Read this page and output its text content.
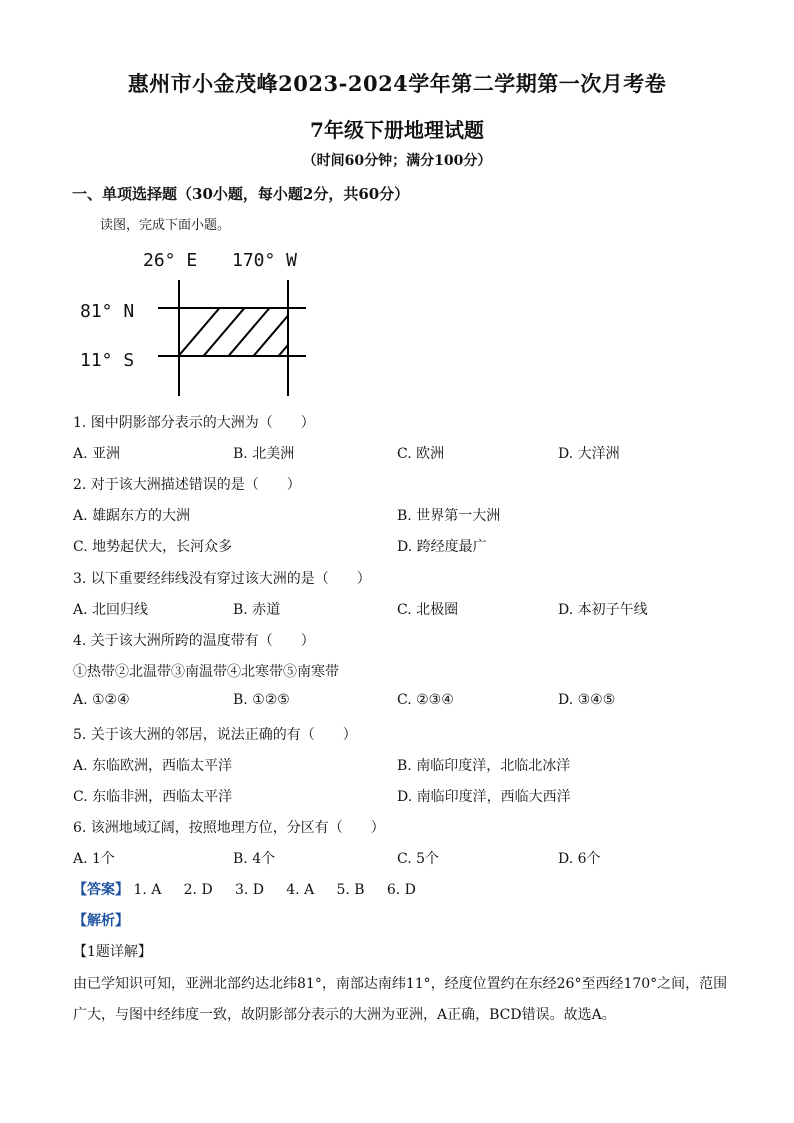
惠州市小金茂峰2023-2024学年第二学期第一次月考卷
7年级下册地理试题
（时间60分钟；满分100分）
一、单项选择题（30小题，每小题2分，共60分）
读图，完成下面小题。
26° E 170° W
81° N
11° S
1. 图中阴影部分表示的大洲为（　　）
A. 亚洲	B. 北美洲	C. 欧洲	D. 大洋洲
2. 对于该大洲描述错误的是（　　）
A. 雄踞东方的大洲	B. 世界第一大洲
C. 地势起伏大，长河众多	D. 跨经度最广
3. 以下重要经纬线没有穿过该大洲的是（　　）
A. 北回归线	B. 赤道	C. 北极圈	D. 本初子午线
4. 关于该大洲所跨的温度带有（　　）
①热带②北温带③南温带④北寒带⑤南寒带
A. ①②④	B. ①②⑤	C. ②③④	D. ③④⑤
5. 关于该大洲的邻居，说法正确的有（　　）
A. 东临欧洲，西临太平洋	B. 南临印度洋，北临北冰洋
C. 东临非洲，西临太平洋	D. 南临印度洋，西临大西洋
6. 该洲地域辽阔，按照地理方位，分区有（　　）
A. 1个	B. 4个	C. 5个	D. 6个
【答案】 1. A 2. D 3. D 4. A 5. B 6. D
【解析】
【1题详解】
由已学知识可知，亚洲北部约达北纬81°，南部达南纬11°，经度位置约在东经26°至西经170°之间，范围
广大，与图中经纬度一致，故阴影部分表示的大洲为亚洲，A正确，BCD错误。故选A。
